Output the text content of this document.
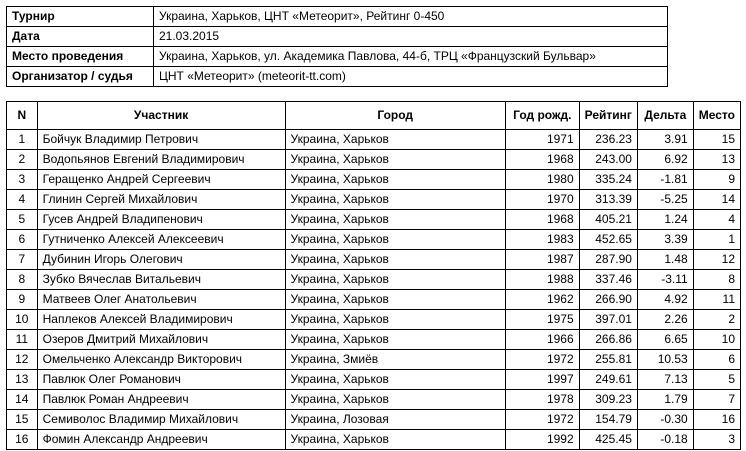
Турнир	Украина, Харьков, ЦНТ «Метеорит», Рейтинг 0-450
Дата	21.03.2015
Место проведения	Украина, Харьков, ул. Академика Павлова, 44-б, ТРЦ «Французский Бульвар»
Организатор / судья	ЦНТ «Метеорит» (meteorit-tt.com)
N	Участник	Город	Год рожд.	Рейтинг	Дельта	Место
1	Бойчук Владимир Петрович	Украина, Харьков	1971	236.23	3.91	15
2	Водопьянов Евгений Владимирович	Украина, Харьков	1968	243.00	6.92	13
3	Геращенко Андрей Сергеевич	Украина, Харьков	1980	335.24	-1.81	9
4	Глинин Сергей Михайлович	Украина, Харьков	1970	313.39	-5.25	14
5	Гусев Андрей Владипенович	Украина, Харьков	1968	405.21	1.24	4
6	Гутниченко Алексей Алексеевич	Украина, Харьков	1983	452.65	3.39	1
7	Дубинин Игорь Олегович	Украина, Харьков	1987	287.90	1.48	12
8	Зубко Вячеслав Витальевич	Украина, Харьков	1988	337.46	-3.11	8
9	Матвеев Олег Анатольевич	Украина, Харьков	1962	266.90	4.92	11
10	Наплеков Алексей Владимирович	Украина, Харьков	1975	397.01	2.26	2
11	Озеров Дмитрий Михайлович	Украина, Харьков	1966	266.86	6.65	10
12	Омельченко Александр Викторович	Украина, Змиёв	1972	255.81	10.53	6
13	Павлюк Олег Романович	Украина, Харьков	1997	249.61	7.13	5
14	Павлюк Роман Андреевич	Украина, Харьков	1978	309.23	1.79	7
15	Семиволос Владимир Михайлович	Украина, Лозовая	1972	154.79	-0.30	16
16	Фомин Александр Андреевич	Украина, Харьков	1992	425.45	-0.18	3
